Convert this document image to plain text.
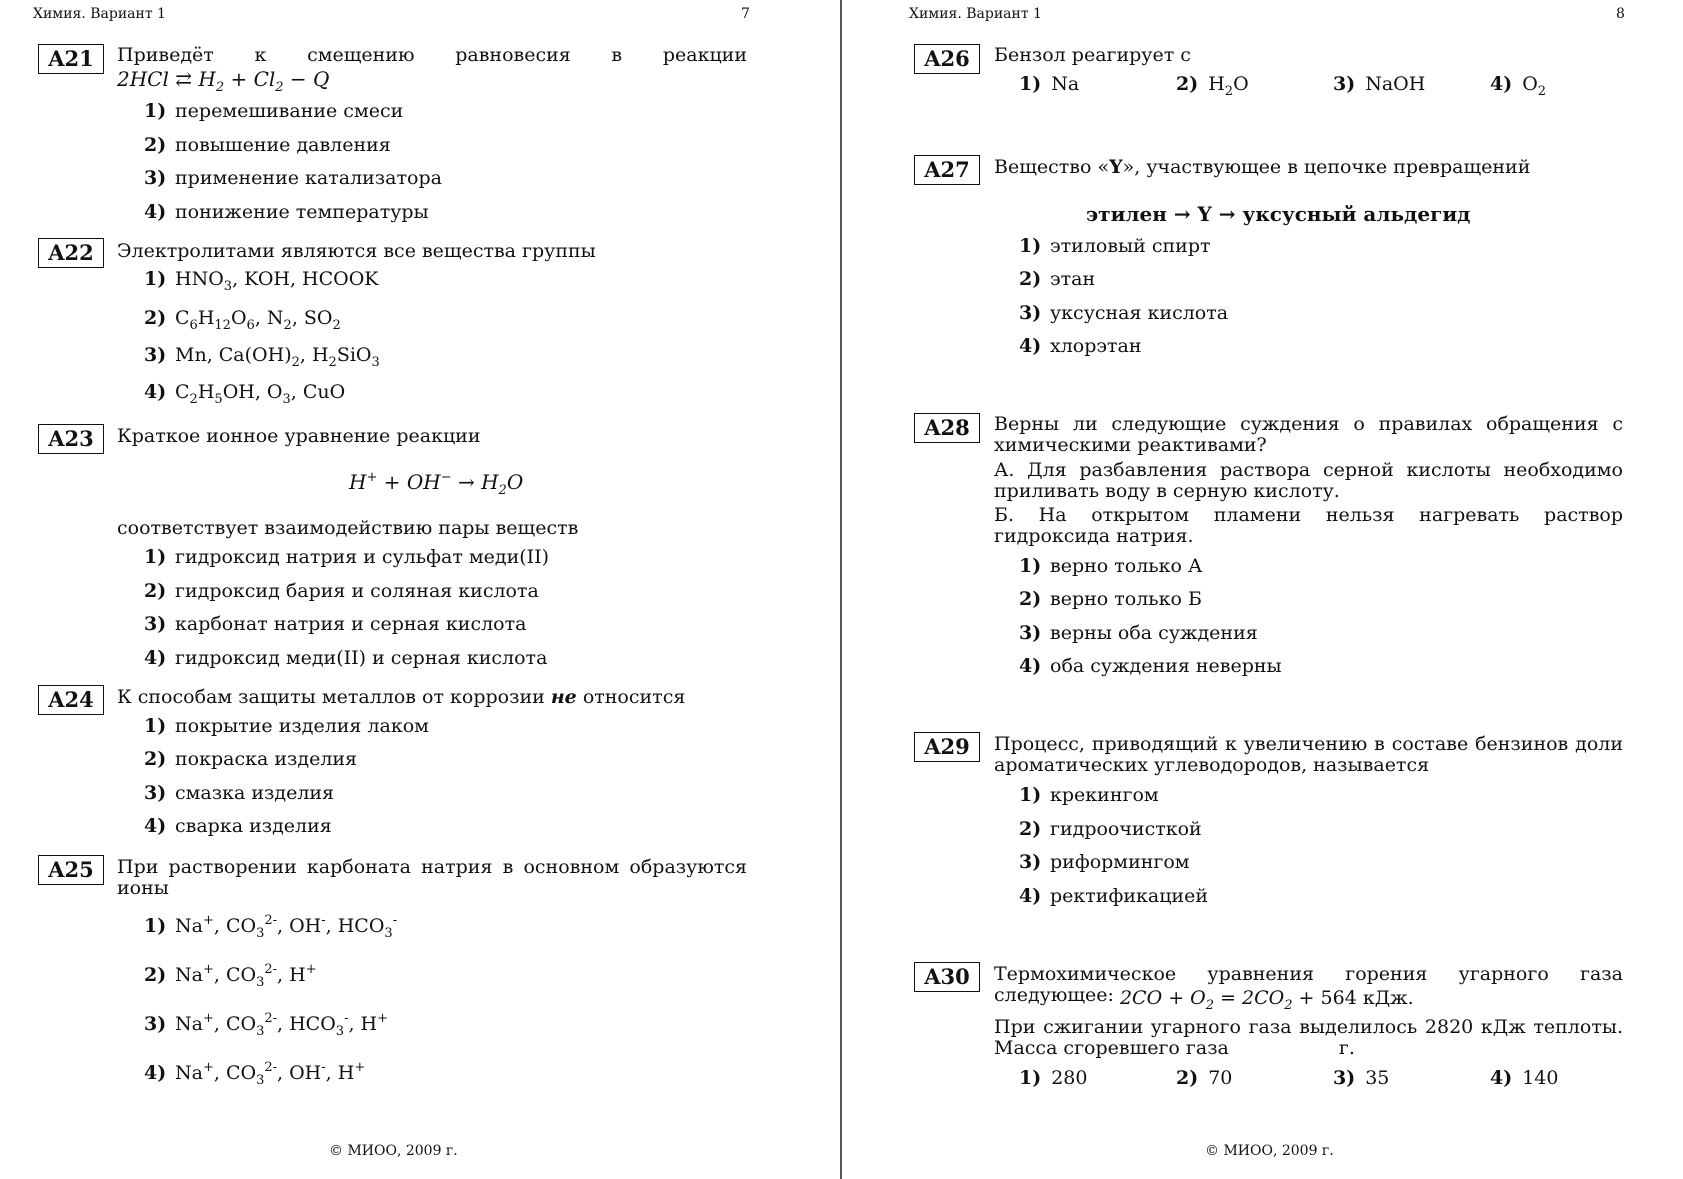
Химия. Вариант 1	7
A21	Приведёт к смещению равновесия в реакции
2HCl ⇄ $H_2 + Cl_2 - Q$
1) перемешивание смеси
2) повышение давления
3) применение катализатора
4) понижение температуры
A22	Электролитами являются все вещества группы
1) $HNO_3$, KOH, HCOOK
2) $C_6H_{12}O_6$, $N_2$, $SO_2$
3) Mn, $Ca(OH)_2$, $H_2SiO_3$
4) $C_2H_5OH$, $O_3$, CuO
A23	Краткое ионное уравнение реакции
$H^+ + OH^- \to H_2O$
соответствует взаимодействию пары веществ
1) гидроксид натрия и сульфат меди(II)
2) гидроксид бария и соляная кислота
3) карбонат натрия и серная кислота
4) гидроксид меди(II) и серная кислота
A24	К способам защиты металлов от коррозии не относится
1) покрытие изделия лаком
2) покраска изделия
3) смазка изделия
4) сварка изделия
A25	При растворении карбоната натрия в основном образуются ионы
1) Na+, $CO_3^{2-}$, OH-, $HCO_3^-$
2) Na+, $CO_3^{2-}$, H+
3) Na+, $CO_3^{2-}$, $HCO_3^-$, H+
4) Na+, $CO_3^{2-}$, OH-, H+
© МИОО, 2009 г.
Химия. Вариант 1	8
A26	Бензол реагирует с
1) Na	2) $H_2O$	3) NaOH	4) $O_2$
A27	Вещество «Y», участвующее в цепочке превращений
этилен → Y → уксусный альдегид
1) этиловый спирт
2) этан
3) уксусная кислота
4) хлорэтан
A28	Верны ли следующие суждения о правилах обращения с химическими реактивами?
А. Для разбавления раствора серной кислоты необходимо приливать воду в серную кислоту.
Б. На открытом пламени нельзя нагревать раствор гидроксида натрия.
1) верно только А
2) верно только Б
3) верны оба суждения
4) оба суждения неверны
A29	Процесс, приводящий к увеличению в составе бензинов доли ароматических углеводородов, называется
1) крекингом
2) гидроочисткой
3) риформингом
4) ректификацией
A30	Термохимическое уравнения горения угарного газа следующее: $2CO + O_2 = 2CO_2 + 564$ кДж.
При сжигании угарного газа выделилось 2820 кДж теплоты. Масса сгоревшего газа	г.
1) 280	2) 70	3) 35	4) 140
© МИОО, 2009 г.
